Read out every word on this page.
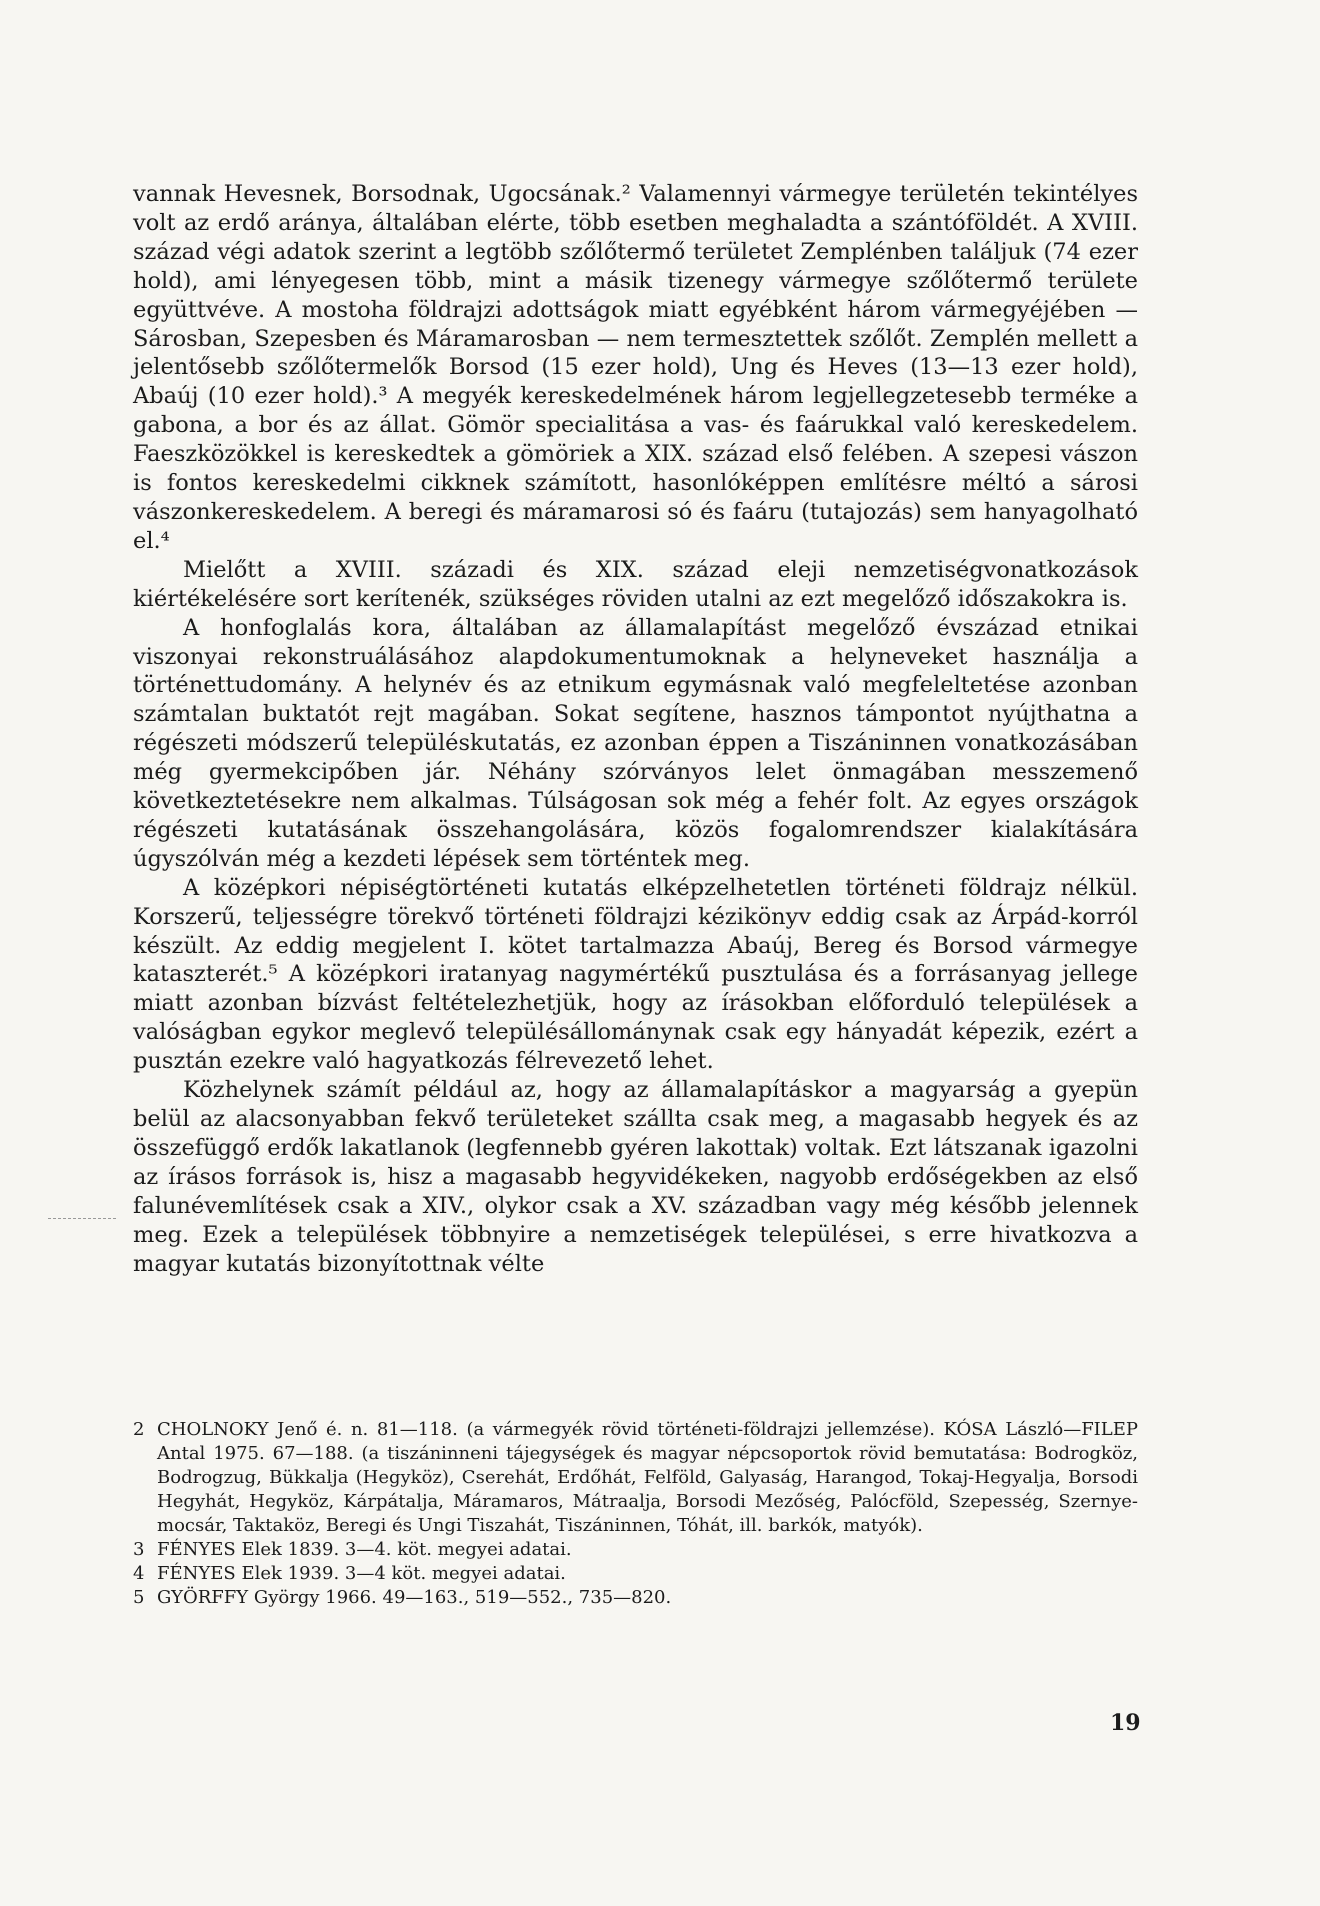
vannak Hevesnek, Borsodnak, Ugocsának.² Valamennyi vármegye területén tekintélyes volt az erdő aránya, általában elérte, több esetben meghaladta a szántóföldét. A XVIII. század végi adatok szerint a legtöbb szőlőtermő területet Zemplénben találjuk (74 ezer hold), ami lényegesen több, mint a másik tizenegy vármegye szőlőtermő területe együttvéve. A mostoha földrajzi adottságok miatt egyébként három vármegyéjében — Sárosban, Szepesben és Máramarosban — nem termesztettek szőlőt. Zemplén mellett a jelentősebb szőlőtermelők Borsod (15 ezer hold), Ung és Heves (13—13 ezer hold), Abaúj (10 ezer hold).³ A megyék kereskedelmének három legjellegzetesebb terméke a gabona, a bor és az állat. Gömör specialitása a vas- és faárukkal való kereskedelem. Faeszközökkel is kereskedtek a gömöriek a XIX. század első felében. A szepesi vászon is fontos kereskedelmi cikknek számított, hasonlóképpen említésre méltó a sárosi vászonkereskedelem. A beregi és máramarosi só és faáru (tutajozás) sem hanyagolható el.⁴

Mielőtt a XVIII. századi és XIX. század eleji nemzetiségvonatkozások kiértékelésére sort kerítenék, szükséges röviden utalni az ezt megelőző időszakokra is.

A honfoglalás kora, általában az államalapítást megelőző évszázad etnikai viszonyai rekonstruálásához alapdokumentumoknak a helyneveket használja a történettudomány. A helynév és az etnikum egymásnak való megfeleltetése azonban számtalan buktatót rejt magában. Sokat segítene, hasznos támpontot nyújthatna a régészeti módszerű településkutatás, ez azonban éppen a Tiszáninnen vonatkozásában még gyermekcipőben jár. Néhány szórványos lelet önmagában messzemenő következtetésekre nem alkalmas. Túlságosan sok még a fehér folt. Az egyes országok régészeti kutatásának összehangolására, közös fogalomrendszer kialakítására úgyszólván még a kezdeti lépések sem történtek meg.

A középkori népiségtörténeti kutatás elképzelhetetlen történeti földrajz nélkül. Korszerű, teljességre törekvő történeti földrajzi kézikönyv eddig csak az Árpád-korról készült. Az eddig megjelent I. kötet tartalmazza Abaúj, Bereg és Borsod vármegye kataszterét.⁵ A középkori iratanyag nagymértékű pusztulása és a forrásanyag jellege miatt azonban bízvást feltételezhetjük, hogy az írásokban előforduló települések a valóságban egykor meglevő településállománynak csak egy hányadát képezik, ezért a pusztán ezekre való hagyatkozás félrevezető lehet.

Közhelynek számít például az, hogy az államalapításkor a magyarság a gyepün belül az alacsonyabban fekvő területeket szállta csak meg, a magasabb hegyek és az összefüggő erdők lakatlanok (legfennebb gyéren lakottak) voltak. Ezt látszanak igazolni az írásos források is, hisz a magasabb hegyvidékeken, nagyobb erdőségekben az első falunévemlítések csak a XIV., olykor csak a XV. században vagy még később jelennek meg. Ezek a települések többnyire a nemzetiségek települései, s erre hivatkozva a magyar kutatás bizonyítottnak vélte

2 CHOLNOKY Jenő é. n. 81—118. (a vármegyék rövid történeti-földrajzi jellemzése). KÓSA László—FILEP Antal 1975. 67—188. (a tiszáninneni tájegységek és magyar népcsoportok rövid bemutatása: Bodrogköz, Bodrogzug, Bükkalja (Hegyköz), Cserehát, Erdőhát, Felföld, Galyaság, Harangod, Tokaj-Hegyalja, Borsodi Hegyhát, Hegyköz, Kárpátalja, Máramaros, Mátraalja, Borsodi Mezőség, Palócföld, Szepesség, Szernye-mocsár, Taktaköz, Beregi és Ungi Tiszahát, Tiszáninnen, Tóhát, ill. barkók, matyók).
3 FÉNYES Elek 1839. 3—4. köt. megyei adatai.
4 FÉNYES Elek 1939. 3—4 köt. megyei adatai.
5 GYÖRFFY György 1966. 49—163., 519—552., 735—820.
19
